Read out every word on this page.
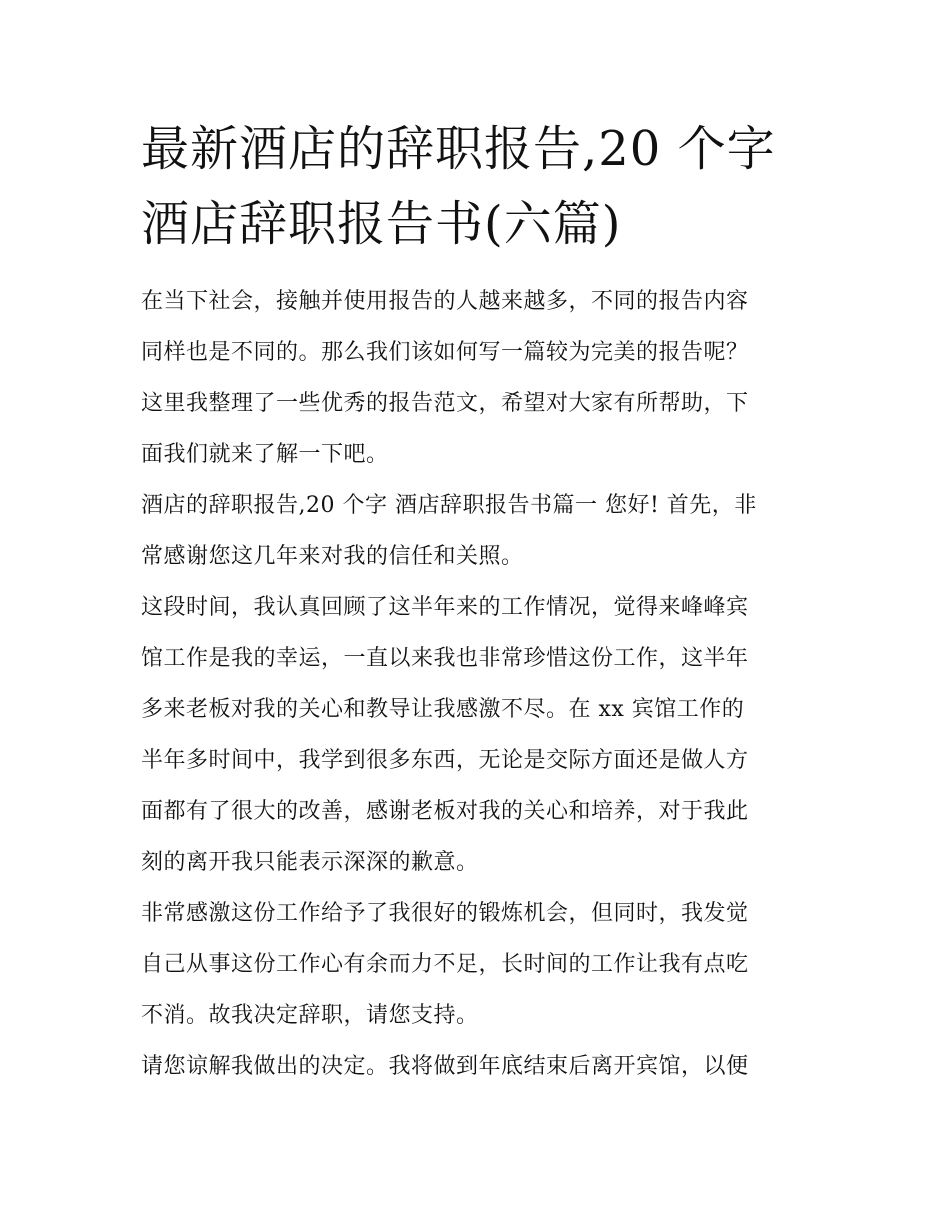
最新酒店的辞职报告,20 个字
酒店辞职报告书(六篇)

在当下社会，接触并使用报告的人越来越多，不同的报告内容
同样也是不同的。那么我们该如何写一篇较为完美的报告呢？
这里我整理了一些优秀的报告范文，希望对大家有所帮助，下
面我们就来了解一下吧。

酒店的辞职报告,20 个字 酒店辞职报告书篇一 您好! 首先，非
常感谢您这几年来对我的信任和关照。

这段时间，我认真回顾了这半年来的工作情况，觉得来峰峰宾
馆工作是我的幸运，一直以来我也非常珍惜这份工作，这半年
多来老板对我的关心和教导让我感激不尽。在 xx 宾馆工作的
半年多时间中，我学到很多东西，无论是交际方面还是做人方
面都有了很大的改善，感谢老板对我的关心和培养，对于我此
刻的离开我只能表示深深的歉意。

非常感激这份工作给予了我很好的锻炼机会，但同时，我发觉
自己从事这份工作心有余而力不足，长时间的工作让我有点吃
不消。故我决定辞职，请您支持。

请您谅解我做出的决定。我将做到年底结束后离开宾馆，以便
